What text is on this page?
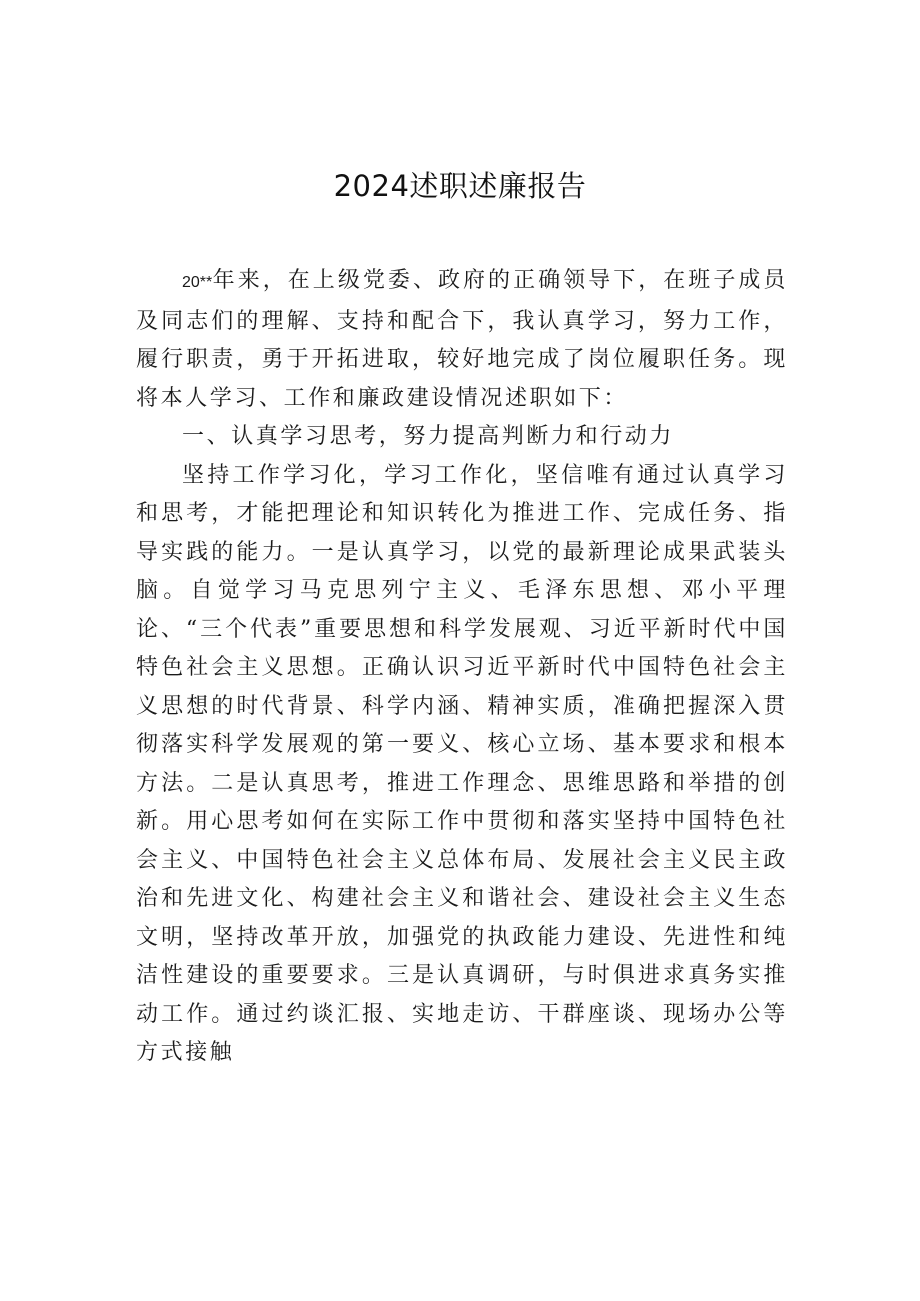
2024述职述廉报告

20**年来，在上级党委、政府的正确领导下，在班子成员及同志们的理解、支持和配合下，我认真学习，努力工作，履行职责，勇于开拓进取，较好地完成了岗位履职任务。现将本人学习、工作和廉政建设情况述职如下：

一、认真学习思考，努力提高判断力和行动力

坚持工作学习化，学习工作化，坚信唯有通过认真学习和思考，才能把理论和知识转化为推进工作、完成任务、指导实践的能力。一是认真学习，以党的最新理论成果武装头脑。自觉学习马克思列宁主义、毛泽东思想、邓小平理论、“三个代表”重要思想和科学发展观、习近平新时代中国特色社会主义思想。正确认识习近平新时代中国特色社会主义思想的时代背景、科学内涵、精神实质，准确把握深入贯彻落实科学发展观的第一要义、核心立场、基本要求和根本方法。二是认真思考，推进工作理念、思维思路和举措的创新。用心思考如何在实际工作中贯彻和落实坚持中国特色社会主义、中国特色社会主义总体布局、发展社会主义民主政治和先进文化、构建社会主义和谐社会、建设社会主义生态文明，坚持改革开放，加强党的执政能力建设、先进性和纯洁性建设的重要要求。三是认真调研，与时俱进求真务实推动工作。通过约谈汇报、实地走访、干群座谈、现场办公等方式接触
